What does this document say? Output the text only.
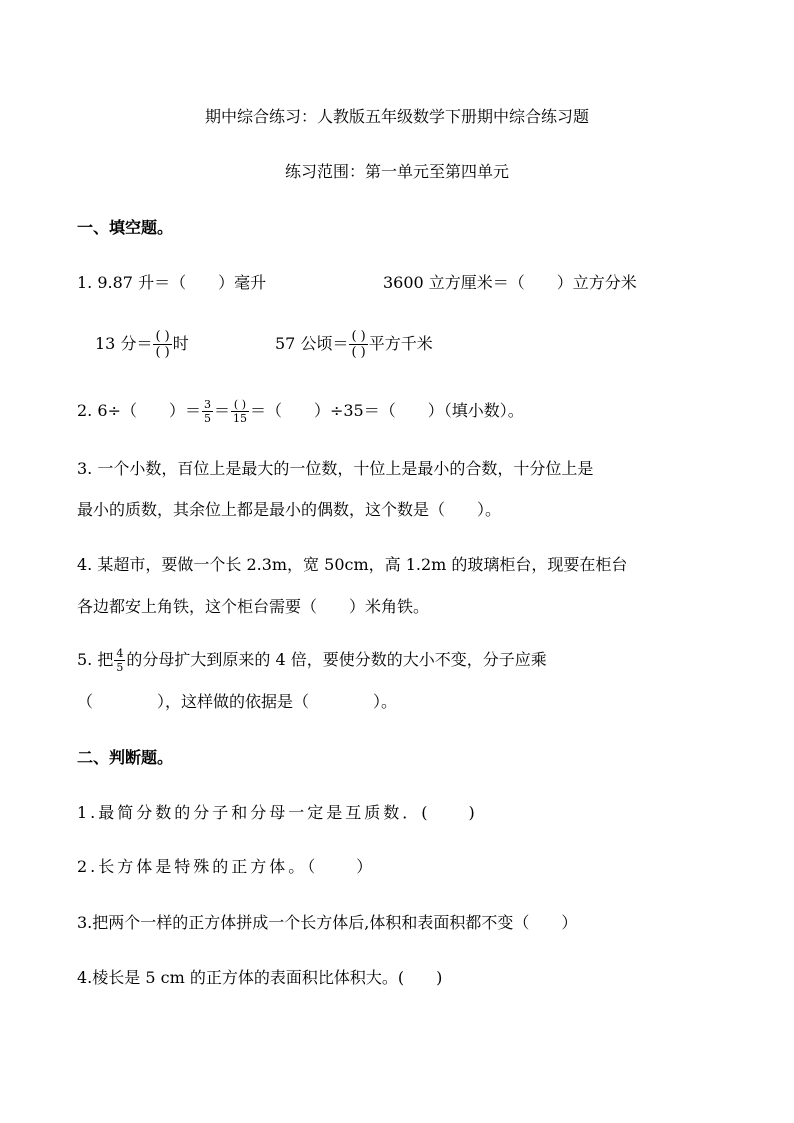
期中综合练习：人教版五年级数学下册期中综合练习题
练习范围：第一单元至第四单元
一、填空题。
1. 9.87 升＝（　　）毫升	3600 立方厘米＝（　　）立方分米
13 分＝ $\frac{( )}{( )}$ 时	57 公顷＝ $\frac{( )}{( )}$ 平方千米
2. 6÷（　　）＝ $\frac{3}{5} = \frac{( )}{15}$ ＝（　　）÷35＝（　　）（填小数）。
3. 一个小数，百位上是最大的一位数，十位上是最小的合数，十分位上是
最小的质数，其余位上都是最小的偶数，这个数是（　　）。
4. 某超市，要做一个长 2.3m，宽 50cm，高 1.2m 的玻璃柜台，现要在柜台
各边都安上角铁，这个柜台需要（　　）米角铁。
5. 把 $\frac{4}{5}$ 的分母扩大到原来的 4 倍，要使分数的大小不变，分子应乘
（　　　　），这样做的依据是（　　　　）。
二、判断题。
1.最简分数的分子和分母一定是互质数．(　　)
2.长方体是特殊的正方体。（　　）
3.把两个一样的正方体拼成一个长方体后,体积和表面积都不变（　　）
4.棱长是 5 cm 的正方体的表面积比体积大。(　　)
